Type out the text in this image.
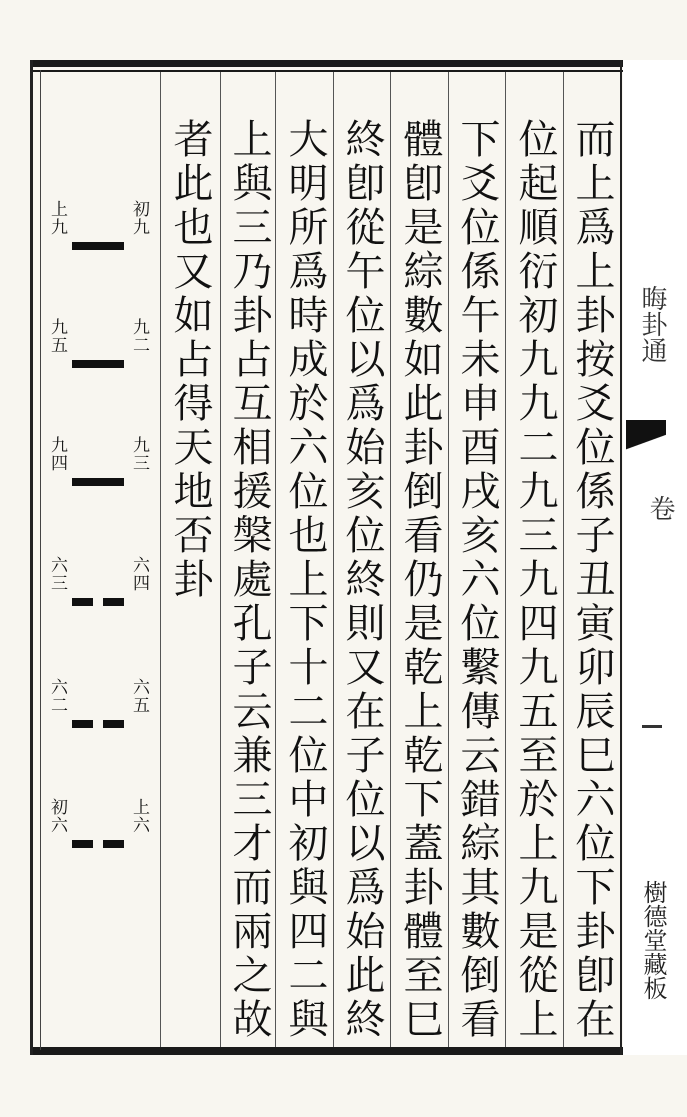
而上爲上卦按爻位係子丑寅卯辰巳六位下卦卽在
位起順衍初九九二九三九四九五至於上九是從上
下爻位係午未申酉戌亥六位繫傳云錯綜其數倒看
體卽是綜數如此卦倒看仍是乾上乾下蓋卦體至巳
終卽從午位以爲始亥位終則又在子位以爲始此終
大明所爲時成於六位也上下十二位中初與四二與
上與三乃卦占互相援槃處孔子云兼三才而兩之故
者此也又如占得天地否卦
上九	初九
九五	九二
九四	九三
六三	六四
六二	六五
初六	上六
晦卦通
卷
樹德堂藏板
